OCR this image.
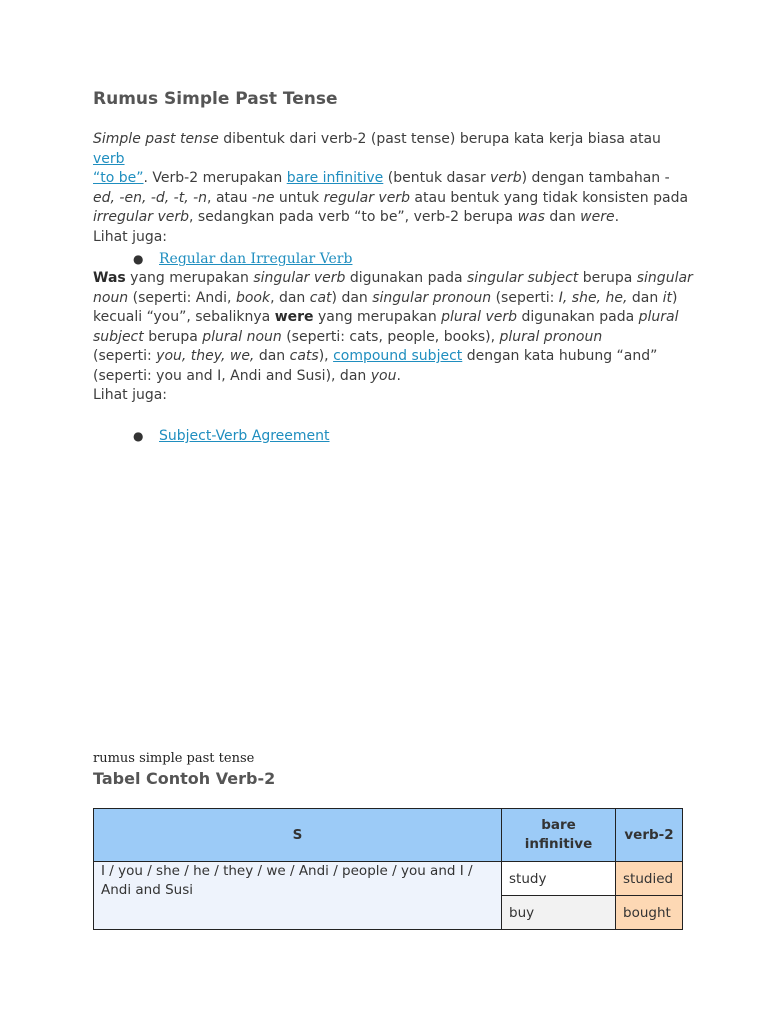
Rumus Simple Past Tense

Simple past tense dibentuk dari verb-2 (past tense) berupa kata kerja biasa atau verb
“to be”. Verb-2 merupakan bare infinitive (bentuk dasar verb) dengan tambahan -
ed, -en, -d, -t, -n, atau -ne untuk regular verb atau bentuk yang tidak konsisten pada irregular verb, sedangkan pada verb “to be”, verb-2 berupa was dan were.
Lihat juga:

● Regular dan Irregular Verb

Was yang merupakan singular verb digunakan pada singular subject berupa singular noun (seperti: Andi, book, dan cat) dan singular pronoun (seperti: I, she, he, dan it) kecuali “you”, sebaliknya were yang merupakan plural verb digunakan pada plural subject berupa plural noun (seperti: cats, people, books), plural pronoun
(seperti: you, they, we, dan cats), compound subject dengan kata hubung “and” (seperti: you and I, Andi and Susi), dan you.
Lihat juga:

● Subject-Verb Agreement
rumus simple past tense
Tabel Contoh Verb-2
S	bare infinitive	verb-2
I / you / she / he / they / we / Andi / people / you and I / Andi and Susi	study	studied
	buy	bought
